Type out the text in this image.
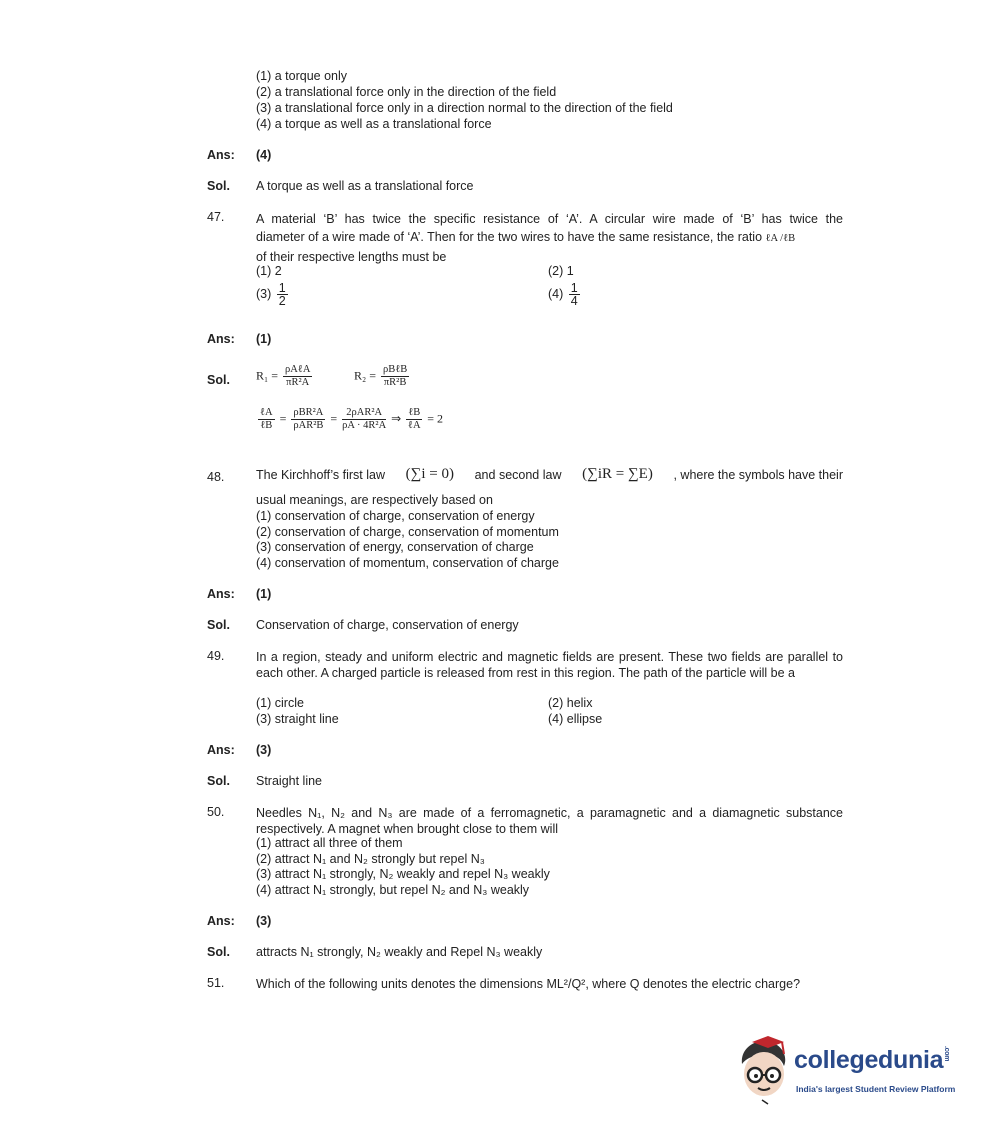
(1) a torque only
(2) a translational force only in the direction of the field
(3) a translational force only in a direction normal to the direction of the field
(4) a torque as well as a translational force
Ans: (4)
Sol. A torque as well as a translational force
47.	A material ‘B’ has twice the specific resistance of ‘A’. A circular wire made of ‘B’ has twice the
diameter of a wire made of ‘A’. Then for the two wires to have the same resistance, the ratio ℓA /ℓB
of their respective lengths must be
(1) 2	(2) 1
$(3) \frac{1}{2}$	$(4) \frac{1}{4}$
Ans: (1)
Sol. $R_1 = \frac{\text{ρAℓA}}{\text{πR²A}}$	$R_2 = \frac{\text{ρBℓB}}{\text{πR²B}}$
$\frac{\text{ℓA}}{\text{ℓB}} = \frac{\text{ρBR²A}}{\text{ρAR²B}} = \frac{\text{2ρAR²A}}{\text{ρA · 4R²A}}$ ⇒ $\frac{\text{ℓB}}{\text{ℓA}} = 2$
48.	The Kirchhoff’s first law (∑i = 0) and second law (∑iR = ∑E) , where the symbols have their
usual meanings, are respectively based on
(1) conservation of charge, conservation of energy
(2) conservation of charge, conservation of momentum
(3) conservation of energy, conservation of charge
(4) conservation of momentum, conservation of charge
Ans: (1)
Sol. Conservation of charge, conservation of energy
49.	In a region, steady and uniform electric and magnetic fields are present. These two fields are parallel to each other. A charged particle is released from rest in this region. The path of the particle will be a
(1) circle	(2) helix
(3) straight line	(4) ellipse
Ans: (3)
Sol. Straight line
50.	Needles N₁, N₂ and N₃ are made of a ferromagnetic, a paramagnetic and a diamagnetic substance respectively. A magnet when brought close to them will
(1) attract all three of them
(2) attract N₁ and N₂ strongly but repel N₃
(3) attract N₁ strongly, N₂ weakly and repel N₃ weakly
(4) attract N₁ strongly, but repel N₂ and N₃ weakly
Ans: (3)
Sol. attracts N₁ strongly, N₂ weakly and Repel N₃ weakly
51.	Which of the following units denotes the dimensions ML²/Q², where Q denotes the electric charge?
collegedunia.com
India's largest Student Review Platform
